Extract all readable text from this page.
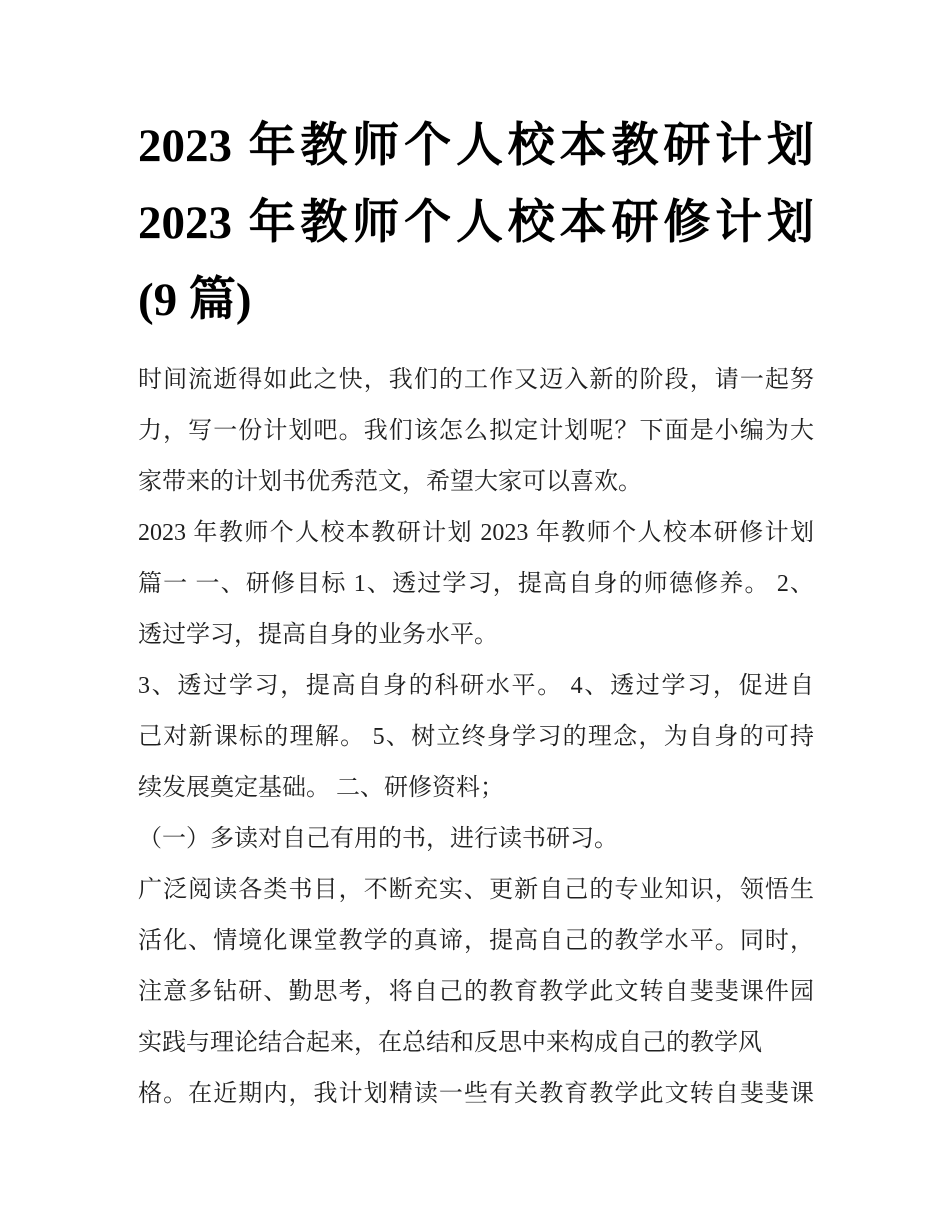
2023 年教师个人校本教研计划
2023 年教师个人校本研修计划
(9 篇)

时间流逝得如此之快，我们的工作又迈入新的阶段，请一起努
力，写一份计划吧。我们该怎么拟定计划呢？下面是小编为大
家带来的计划书优秀范文，希望大家可以喜欢。

2023 年教师个人校本教研计划 2023 年教师个人校本研修计划
篇一 一、研修目标 1、透过学习，提高自身的师德修养。 2、
透过学习，提高自身的业务水平。

3、透过学习，提高自身的科研水平。 4、透过学习，促进自
己对新课标的理解。 5、树立终身学习的理念，为自身的可持
续发展奠定基础。 二、研修资料；

（一）多读对自己有用的书，进行读书研习。

广泛阅读各类书目，不断充实、更新自己的专业知识，领悟生
活化、情境化课堂教学的真谛，提高自己的教学水平。同时，
注意多钻研、勤思考，将自己的教育教学此文转自斐斐课件园
实践与理论结合起来，在总结和反思中来构成自己的教学风
格。在近期内，我计划精读一些有关教育教学此文转自斐斐课
